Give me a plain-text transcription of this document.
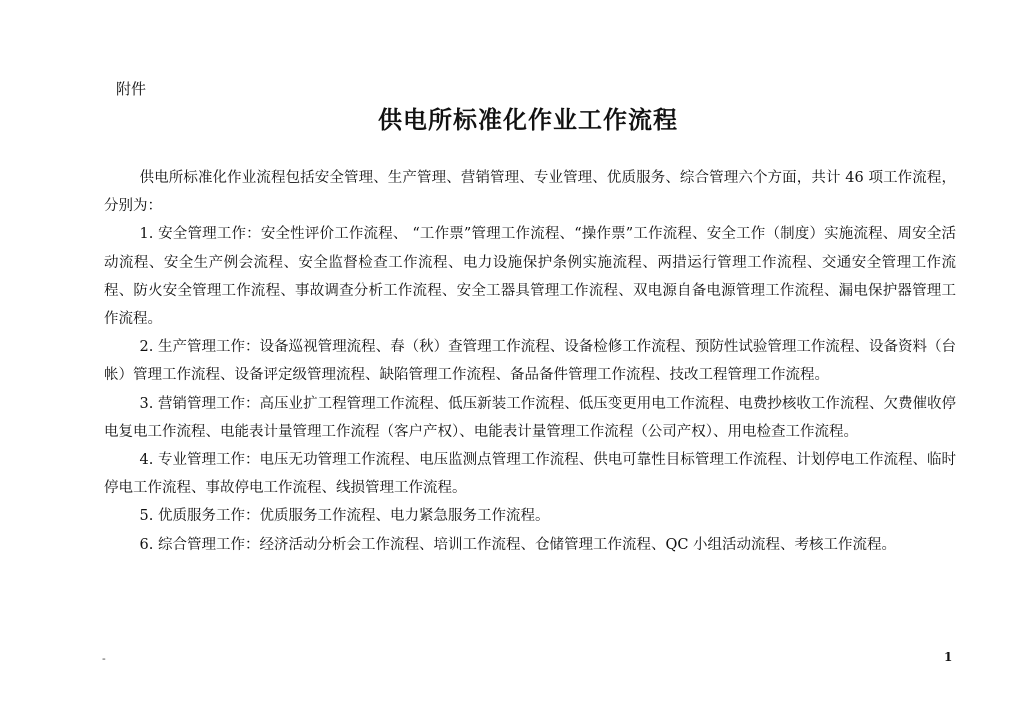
附件
供电所标准化作业工作流程

供电所标准化作业流程包括安全管理、生产管理、营销管理、专业管理、优质服务、综合管理六个方面，共计 46 项工作流程，分别为：

1. 安全管理工作：安全性评价工作流程、 “工作票”管理工作流程、“操作票”工作流程、安全工作（制度）实施流程、周安全活动流程、安全生产例会流程、安全监督检查工作流程、电力设施保护条例实施流程、两措运行管理工作流程、交通安全管理工作流程、防火安全管理工作流程、事故调查分析工作流程、安全工器具管理工作流程、双电源自备电源管理工作流程、漏电保护器管理工作流程。

2. 生产管理工作：设备巡视管理流程、春（秋）查管理工作流程、设备检修工作流程、预防性试验管理工作流程、设备资料（台帐）管理工作流程、设备评定级管理流程、缺陷管理工作流程、备品备件管理工作流程、技改工程管理工作流程。

3. 营销管理工作：高压业扩工程管理工作流程、低压新装工作流程、低压变更用电工作流程、电费抄核收工作流程、欠费催收停电复电工作流程、电能表计量管理工作流程（客户产权）、电能表计量管理工作流程（公司产权）、用电检查工作流程。

4. 专业管理工作：电压无功管理工作流程、电压监测点管理工作流程、供电可靠性目标管理工作流程、计划停电工作流程、临时停电工作流程、事故停电工作流程、线损管理工作流程。

5. 优质服务工作：优质服务工作流程、电力紧急服务工作流程。

6. 综合管理工作：经济活动分析会工作流程、培训工作流程、仓储管理工作流程、QC 小组活动流程、考核工作流程。

-	1
